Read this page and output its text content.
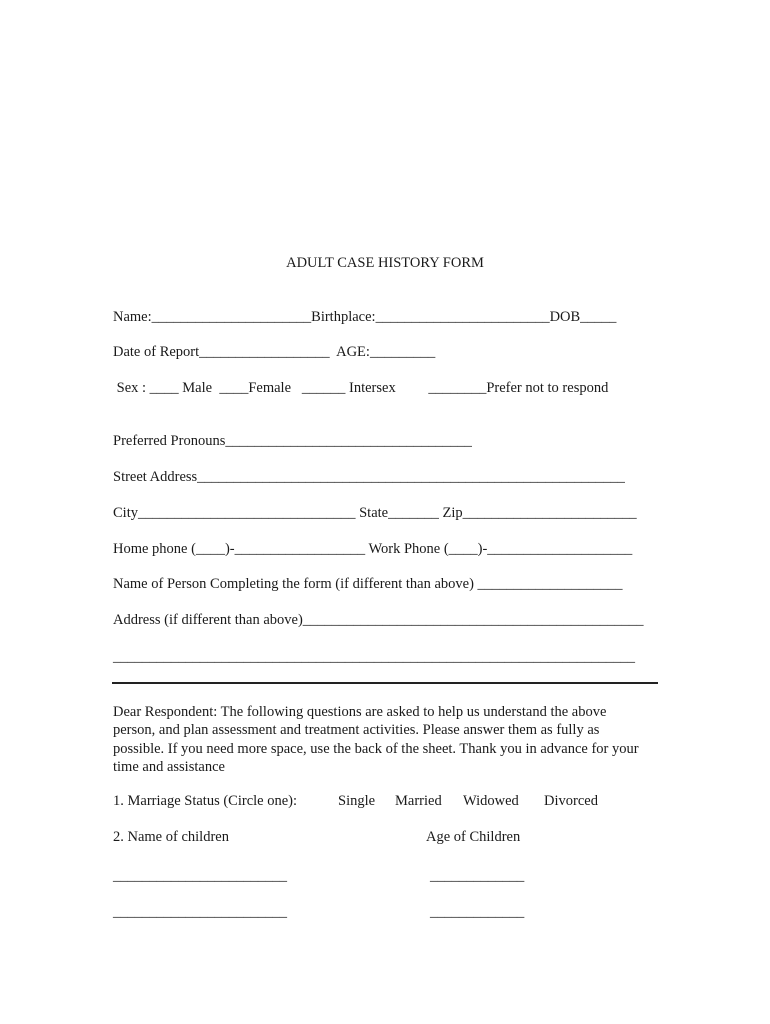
ADULT CASE HISTORY FORM
Name:______________________Birthplace:________________________DOB_____
Date of Report__________________  AGE:_________
Sex : ____ Male  ____Female   ______ Intersex         ________Prefer not to respond
Preferred Pronouns__________________________________
Street Address___________________________________________________________
City______________________________ State_______ Zip________________________
Home phone (____)-__________________ Work Phone (____)-____________________
Name of Person Completing the form (if different than above) ____________________
Address (if different than above)_______________________________________________
________________________________________________________________________
Dear Respondent: The following questions are asked to help us understand the above person, and plan assessment and treatment activities. Please answer them as fully as possible. If you need more space, use the back of the sheet. Thank you in advance for your time and assistance
1. Marriage Status (Circle one):	Single Married Widowed Divorced
2. Name of children	Age of Children
________________________	_____________
________________________	_____________
